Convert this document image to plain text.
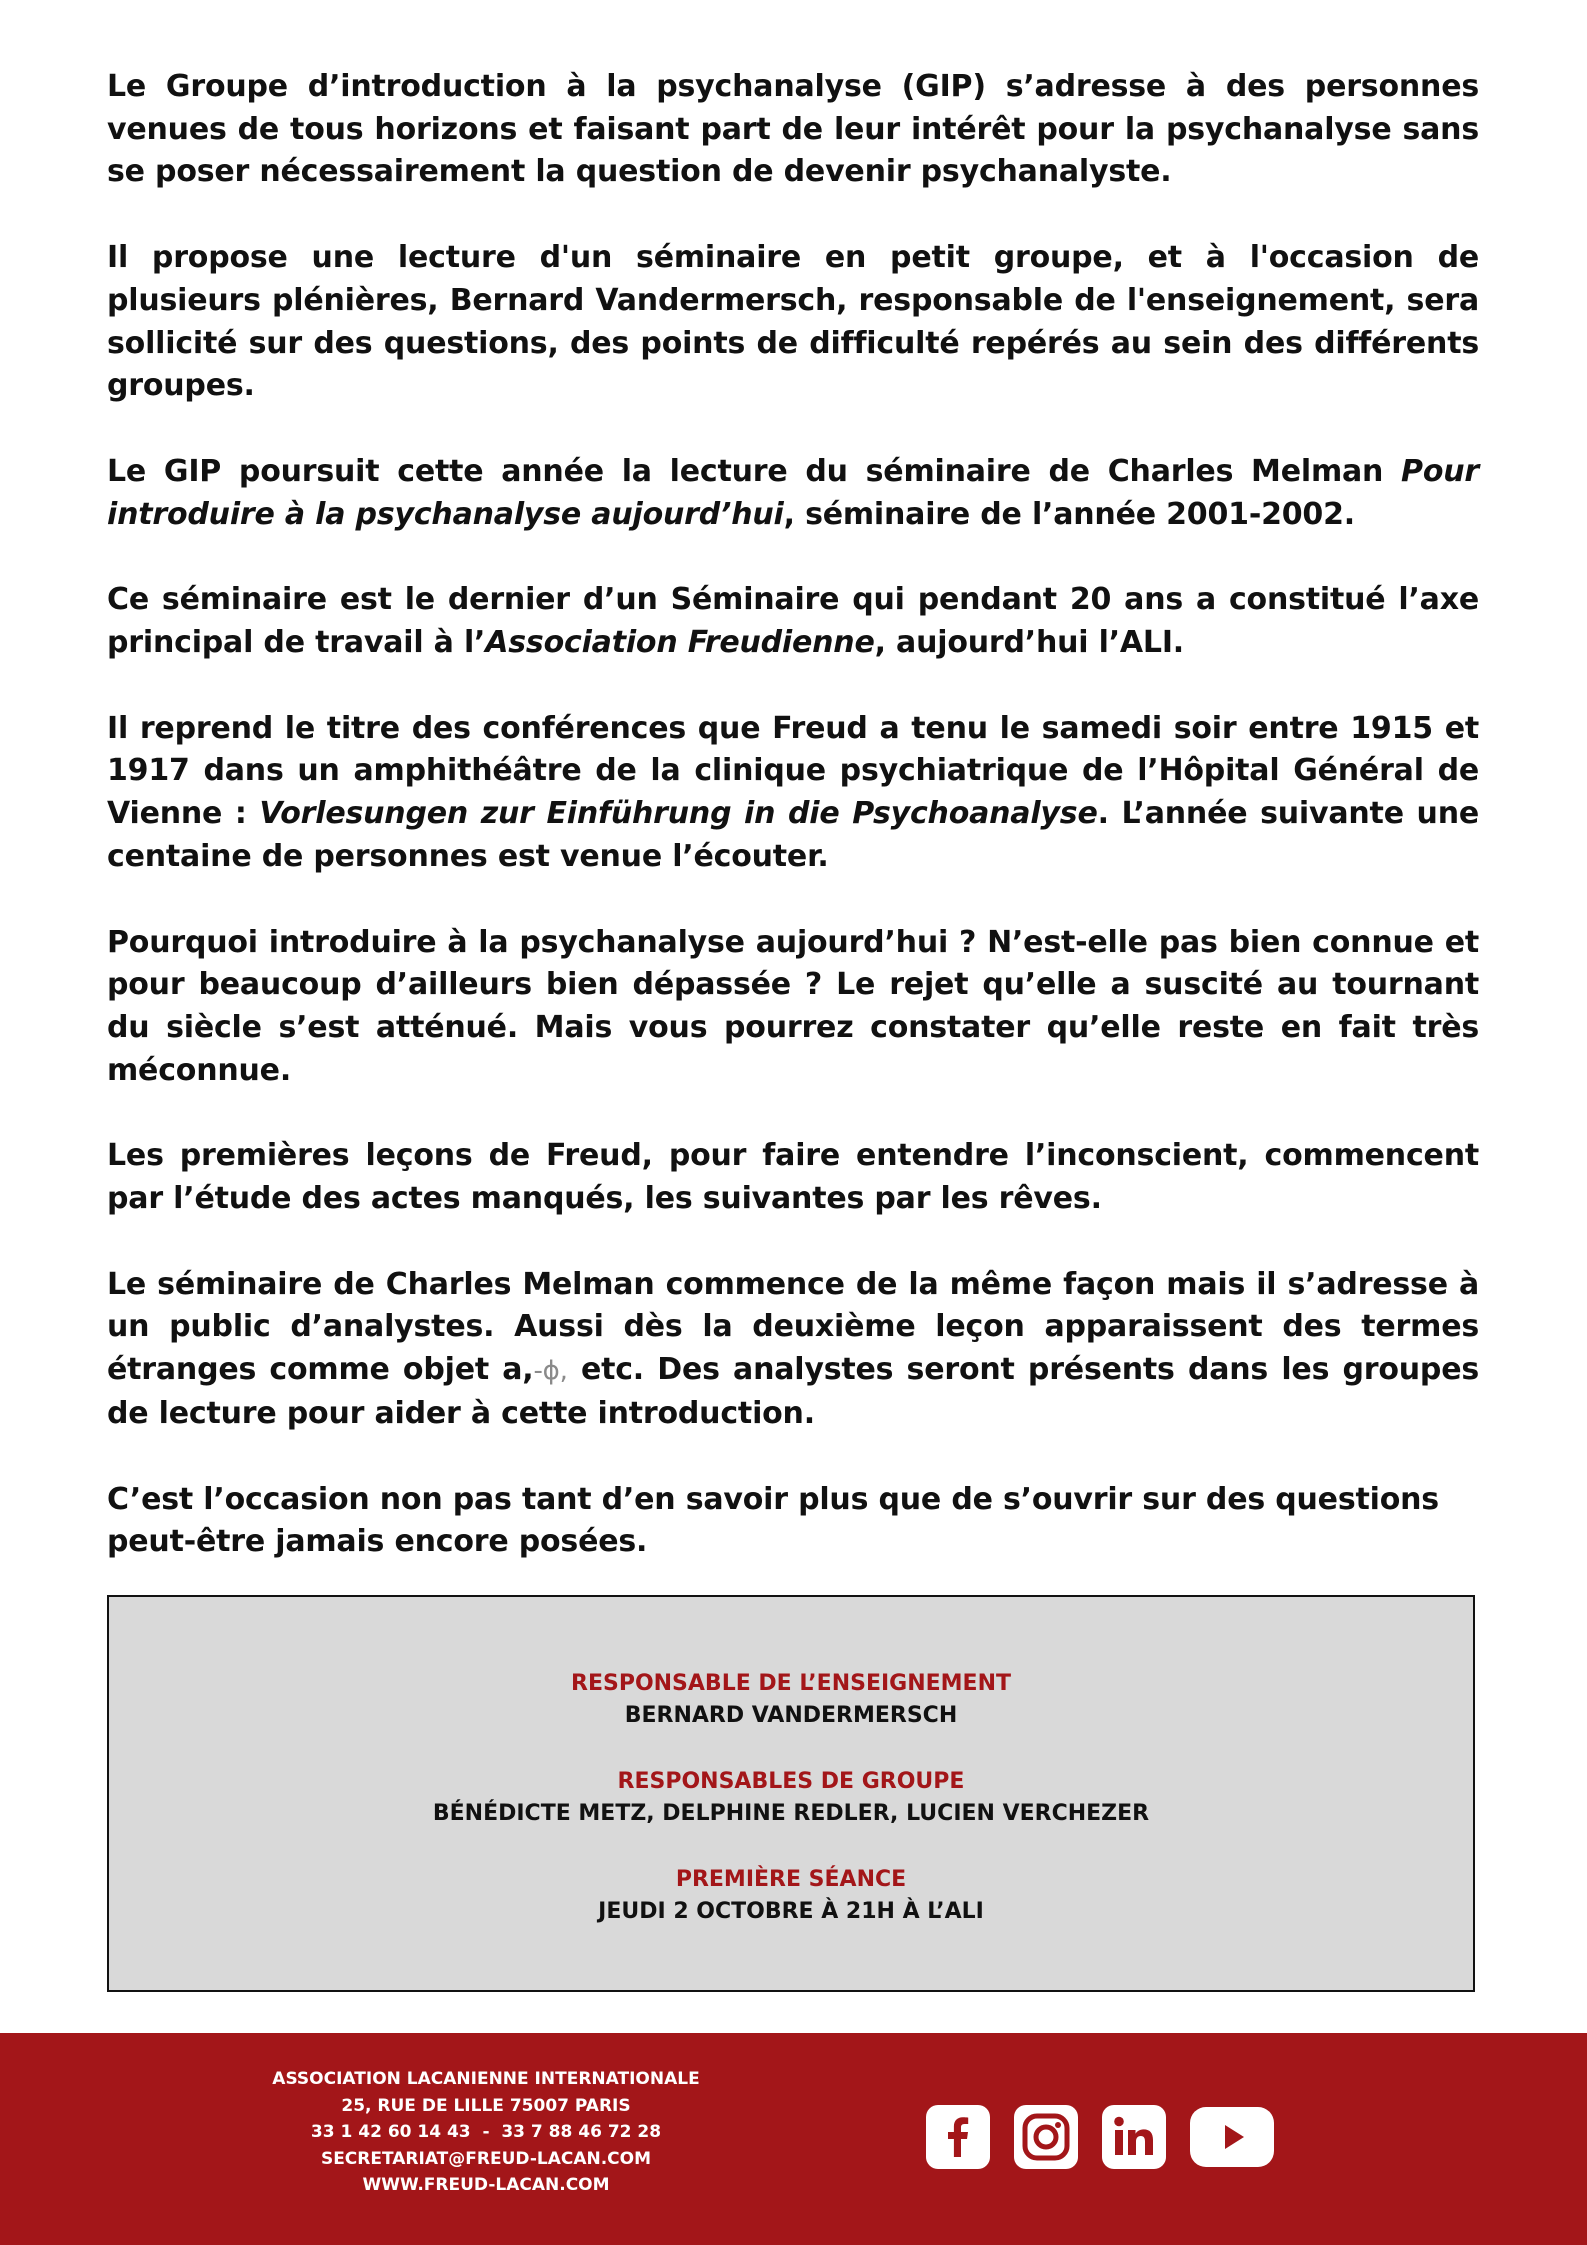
Le Groupe d’introduction à la psychanalyse (GIP) s’adresse à des personnes venues de tous horizons et faisant part de leur intérêt pour la psychanalyse sans se poser nécessairement la question de devenir psychanalyste.

Il propose une lecture d'un séminaire en petit groupe, et à l'occasion de plusieurs plénières, Bernard Vandermersch, responsable de l'enseignement, sera sollicité sur des questions, des points de difficulté repérés au sein des différents groupes.

Le GIP poursuit cette année la lecture du séminaire de Charles Melman Pour introduire à la psychanalyse aujourd’hui, séminaire de l’année 2001-2002.

Ce séminaire est le dernier d’un Séminaire qui pendant 20 ans a constitué l’axe principal de travail à l’Association Freudienne, aujourd’hui l’ALI.

Il reprend le titre des conférences que Freud a tenu le samedi soir entre 1915 et 1917 dans un amphithéâtre de la clinique psychiatrique de l’Hôpital Général de Vienne : Vorlesungen zur Einführung in die Psychoanalyse. L’année suivante une centaine de personnes est venue l’écouter.

Pourquoi introduire à la psychanalyse aujourd’hui ? N’est-elle pas bien connue et pour beaucoup d’ailleurs bien dépassée ? Le rejet qu’elle a suscité au tournant du siècle s’est atténué. Mais vous pourrez constater qu’elle reste en fait très méconnue.

Les premières leçons de Freud, pour faire entendre l’inconscient, commencent par l’étude des actes manqués, les suivantes par les rêves.

Le séminaire de Charles Melman commence de la même façon mais il s’adresse à un public d’analystes. Aussi dès la deuxième leçon apparaissent des termes étranges comme objet a,-ϕ, etc. Des analystes seront présents dans les groupes de lecture pour aider à cette introduction.

C’est l’occasion non pas tant d’en savoir plus que de s’ouvrir sur des questions
peut-être jamais encore posées.

RESPONSABLE DE L’ENSEIGNEMENT
BERNARD VANDERMERSCH
RESPONSABLES DE GROUPE
BÉNÉDICTE METZ, DELPHINE REDLER, LUCIEN VERCHEZER
PREMIÈRE SÉANCE
JEUDI 2 OCTOBRE À 21H À L’ALI
ASSOCIATION LACANIENNE INTERNATIONALE
25, RUE DE LILLE 75007 PARIS
33 1 42 60 14 43  -  33 7 88 46 72 28
SECRETARIAT@FREUD-LACAN.COM
WWW.FREUD-LACAN.COM
